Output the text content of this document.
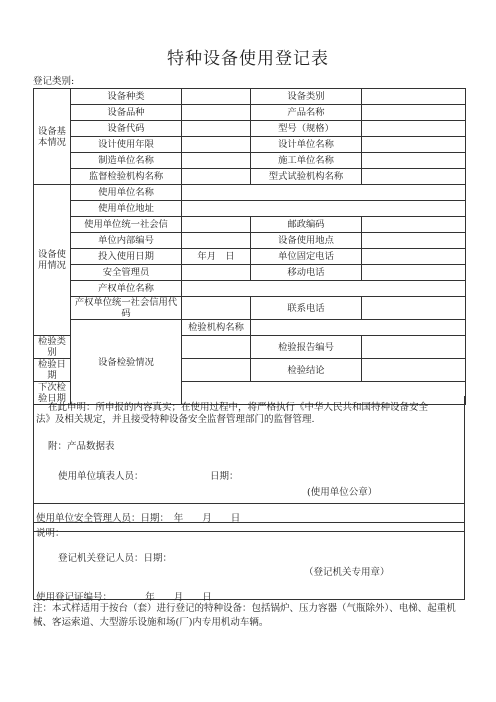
特种设备使用登记表
登记类别:
设备基本情况	设备种类		设备类别	
	设备品种		产品名称	
	设备代码		型号（规格）	
	设计使用年限		设计单位名称	
	制造单位名称		施工单位名称	
	监督检验机构名称		型式试验机构名称	
设备使用情况	使用单位名称			
	使用单位地址			
	使用单位统一社会信		邮政编码	
	单位内部编号		设备使用地点	
	投入使用日期	年月　日	单位固定电话	
	安全管理员		移动电话	
	产权单位名称			
	产权单位统一社会信用代码		联系电话	
	设备检验情况	检验机构名称		
检验类别			检验报告编号	
检验日期			检验结论	
下次检验日期				
在此申明：所申报的内容真实；在使用过程中，将严格执行《中华人民共和国特种设备安全
法》及相关规定，并且接受特种设备安全监督管理部门的监督管理.
附：产品数据表
使用单位填表人员：	日期：
(使用单位公章）
使用单位安全管理人员：日期：　年　　月　　日
说明：
登记机关登记人员：日期：
（登记机关专用章）
使用登记证编号：　　　　年　　月　　日
注：本式样适用于按台（套）进行登记的特种设备：包括锅炉、压力容器（气瓶除外）、电梯、起重机械、客运索道、大型游乐设施和场(厂)内专用机动车辆。
